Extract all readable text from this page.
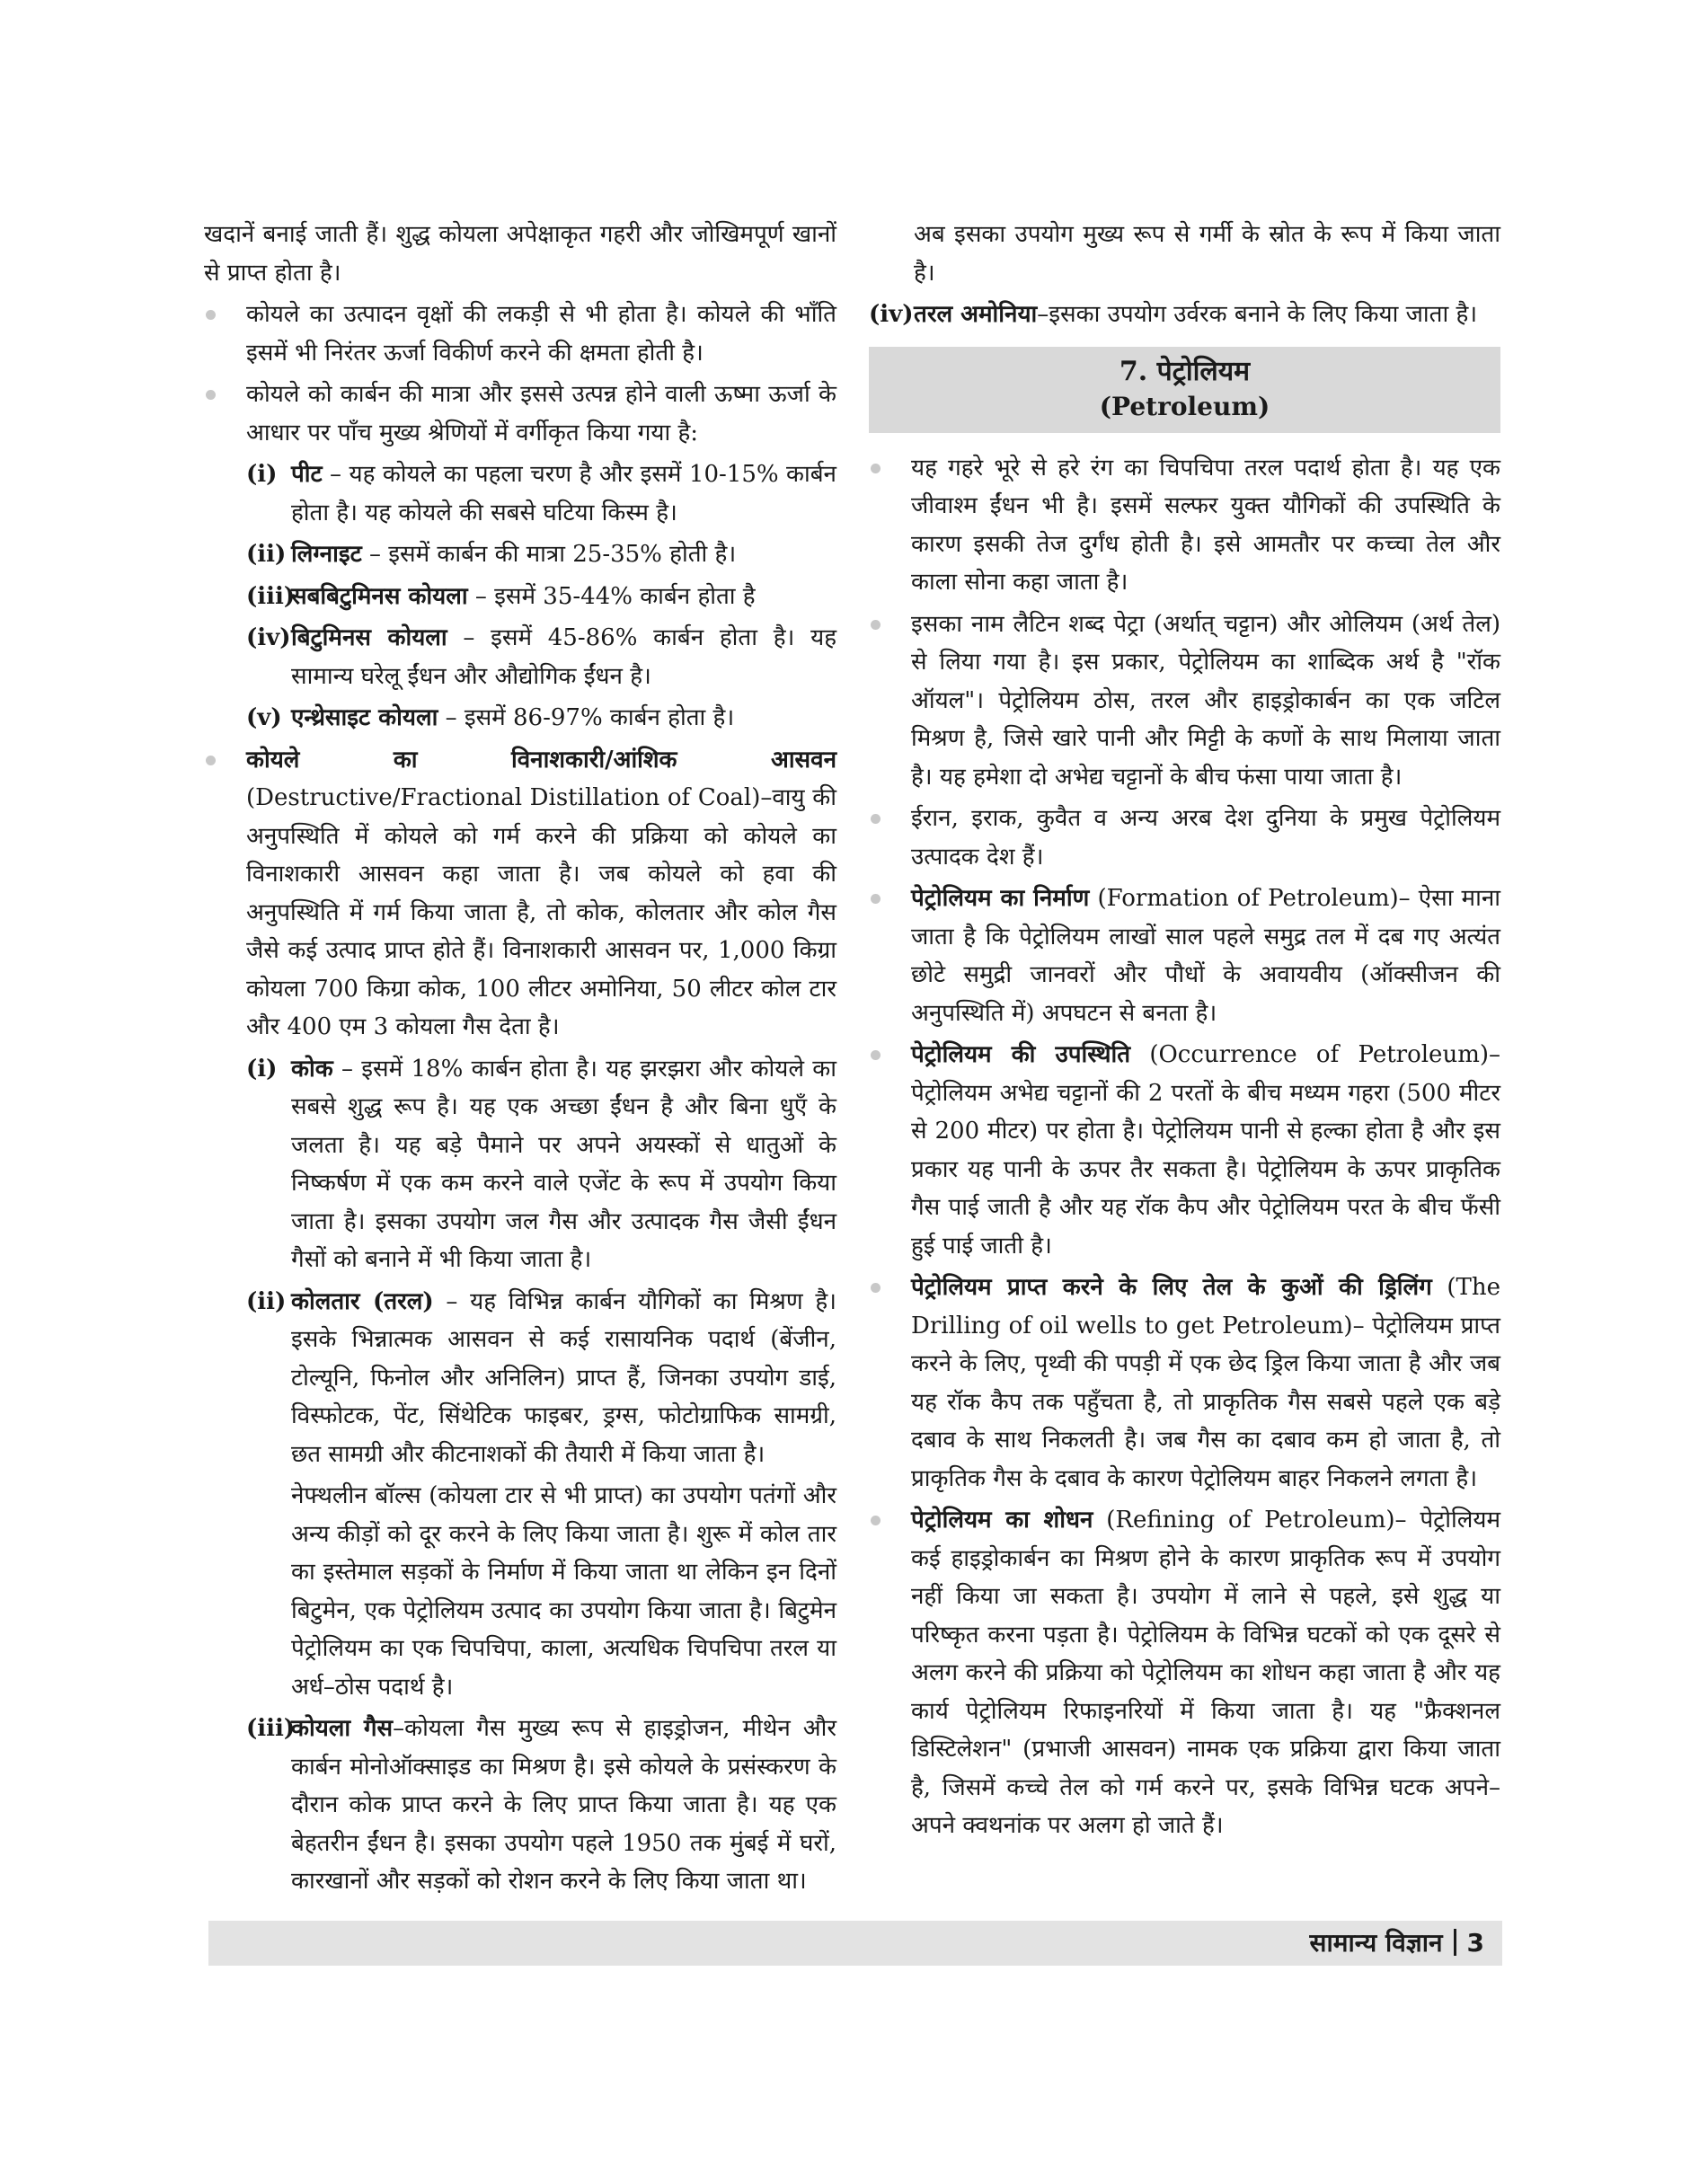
खदानें बनाई जाती हैं। शुद्ध कोयला अपेक्षाकृत गहरी और जोखिमपूर्ण खानों से प्राप्त होता है।

कोयले का उत्पादन वृक्षों की लकड़ी से भी होता है। कोयले की भाँति इसमें भी निरंतर ऊर्जा विकीर्ण करने की क्षमता होती है।
कोयले को कार्बन की मात्रा और इससे उत्पन्न होने वाली ऊष्मा ऊर्जा के आधार पर पाँच मुख्य श्रेणियों में वर्गीकृत किया गया है:
(i) पीट – यह कोयले का पहला चरण है और इसमें 10-15% कार्बन होता है। यह कोयले की सबसे घटिया किस्म है।
(ii) लिग्नाइट – इसमें कार्बन की मात्रा 25-35% होती है।
(iii)
सबबिटुमिनस कोयला – इसमें 35-44% कार्बन होता है
(iv) बिटुमिनस कोयला – इसमें 45-86% कार्बन होता है। यह सामान्य घरेलू ईंधन और औद्योगिक ईंधन है।
(v) एन्थ्रेसाइट कोयला – इसमें 86-97% कार्बन होता है।
कोयले का विनाशकारी/आंशिक आसवन (Destructive/Fractional Distillation of Coal)–वायु की अनुपस्थिति में कोयले को गर्म करने की प्रक्रिया को कोयले का विनाशकारी आसवन कहा जाता है। जब कोयले को हवा की अनुपस्थिति में गर्म किया जाता है, तो कोक, कोलतार और कोल गैस जैसे कई उत्पाद प्राप्त होते हैं। विनाशकारी आसवन पर, 1,000 किग्रा कोयला 700 किग्रा कोक, 100 लीटर अमोनिया, 50 लीटर कोल टार और 400 एम 3 कोयला गैस देता है।
(i) कोक – इसमें 18% कार्बन होता है। यह झरझरा और कोयले का सबसे शुद्ध रूप है। यह एक अच्छा ईंधन है और बिना धुएँ के जलता है। यह बड़े पैमाने पर अपने अयस्कों से धातुओं के निष्कर्षण में एक कम करने वाले एजेंट के रूप में उपयोग किया जाता है। इसका उपयोग जल गैस और उत्पादक गैस जैसी ईंधन गैसों को बनाने में भी किया जाता है।
(ii) कोलतार (तरल) – यह विभिन्न कार्बन यौगिकों का मिश्रण है। इसके भिन्नात्मक आसवन से कई रासायनिक पदार्थ (बेंजीन, टोल्यूनि, फिनोल और अनिलिन) प्राप्त हैं, जिनका उपयोग डाई, विस्फोटक, पेंट, सिंथेटिक फाइबर, ड्रग्स, फोटोग्राफिक सामग्री, छत सामग्री और कीटनाशकों की तैयारी में किया जाता है।

नेफ्थलीन बॉल्स (कोयला टार से भी प्राप्त) का उपयोग पतंगों और अन्य कीड़ों को दूर करने के लिए किया जाता है। शुरू में कोल तार का इस्तेमाल सड़कों के निर्माण में किया जाता था लेकिन इन दिनों बिटुमेन, एक पेट्रोलियम उत्पाद का उपयोग किया जाता है। बिटुमेन पेट्रोलियम का एक चिपचिपा, काला, अत्यधिक चिपचिपा तरल या अर्ध–ठोस पदार्थ है।

(iii)
कोयला गैस–कोयला गैस मुख्य रूप से हाइड्रोजन, मीथेन और कार्बन मोनोऑक्साइड का मिश्रण है। इसे कोयले के प्रसंस्करण के दौरान कोक प्राप्त करने के लिए प्राप्त किया जाता है। यह एक बेहतरीन ईंधन है। इसका उपयोग पहले 1950 तक मुंबई में घरों, कारखानों और सड़कों को रोशन करने के लिए किया जाता था।

अब इसका उपयोग मुख्य रूप से गर्मी के स्रोत के रूप में किया जाता है।

(iv) तरल अमोनिया–इसका उपयोग उर्वरक बनाने के लिए किया जाता है।
7. पेट्रोलियम
(Petroleum)
यह गहरे भूरे से हरे रंग का चिपचिपा तरल पदार्थ होता है। यह एक जीवाश्म ईंधन भी है। इसमें सल्फर युक्त यौगिकों की उपस्थिति के कारण इसकी तेज दुर्गंध होती है। इसे आमतौर पर कच्चा तेल और काला सोना कहा जाता है।
इसका नाम लैटिन शब्द पेट्रा (अर्थात् चट्टान) और ओलियम (अर्थ तेल) से लिया गया है। इस प्रकार, पेट्रोलियम का शाब्दिक अर्थ है "रॉक ऑयल"। पेट्रोलियम ठोस, तरल और हाइड्रोकार्बन का एक जटिल मिश्रण है, जिसे खारे पानी और मिट्टी के कणों के साथ मिलाया जाता है। यह हमेशा दो अभेद्य चट्टानों के बीच फंसा पाया जाता है।
ईरान, इराक, कुवैत व अन्य अरब देश दुनिया के प्रमुख पेट्रोलियम उत्पादक देश हैं।
पेट्रोलियम का निर्माण (Formation of Petroleum)– ऐसा माना जाता है कि पेट्रोलियम लाखों साल पहले समुद्र तल में दब गए अत्यंत छोटे समुद्री जानवरों और पौधों के अवायवीय (ऑक्सीजन की अनुपस्थिति में) अपघटन से बनता है।
पेट्रोलियम की उपस्थिति (Occurrence of Petroleum)–पेट्रोलियम अभेद्य चट्टानों की 2 परतों के बीच मध्यम गहरा (500 मीटर से 200 मीटर) पर होता है। पेट्रोलियम पानी से हल्का होता है और इस प्रकार यह पानी के ऊपर तैर सकता है। पेट्रोलियम के ऊपर प्राकृतिक गैस पाई जाती है और यह रॉक कैप और पेट्रोलियम परत के बीच फँसी हुई पाई जाती है।
पेट्रोलियम प्राप्त करने के लिए तेल के कुओं की ड्रिलिंग (The Drilling of oil wells to get Petroleum)– पेट्रोलियम प्राप्त करने के लिए, पृथ्वी की पपड़ी में एक छेद ड्रिल किया जाता है और जब यह रॉक कैप तक पहुँचता है, तो प्राकृतिक गैस सबसे पहले एक बड़े दबाव के साथ निकलती है। जब गैस का दबाव कम हो जाता है, तो प्राकृतिक गैस के दबाव के कारण पेट्रोलियम बाहर निकलने लगता है।
पेट्रोलियम का शोधन (Refining of Petroleum)– पेट्रोलियम कई हाइड्रोकार्बन का मिश्रण होने के कारण प्राकृतिक रूप में उपयोग नहीं किया जा सकता है। उपयोग में लाने से पहले, इसे शुद्ध या परिष्कृत करना पड़ता है। पेट्रोलियम के विभिन्न घटकों को एक दूसरे से अलग करने की प्रक्रिया को पेट्रोलियम का शोधन कहा जाता है और यह कार्य पेट्रोलियम रिफाइनरियों में किया जाता है। यह "फ्रैक्शनल डिस्टिलेशन" (प्रभाजी आसवन) नामक एक प्रक्रिया द्वारा किया जाता है, जिसमें कच्चे तेल को गर्म करने पर, इसके विभिन्न घटक अपने–अपने क्वथनांक पर अलग हो जाते हैं।
सामान्य विज्ञान 3
